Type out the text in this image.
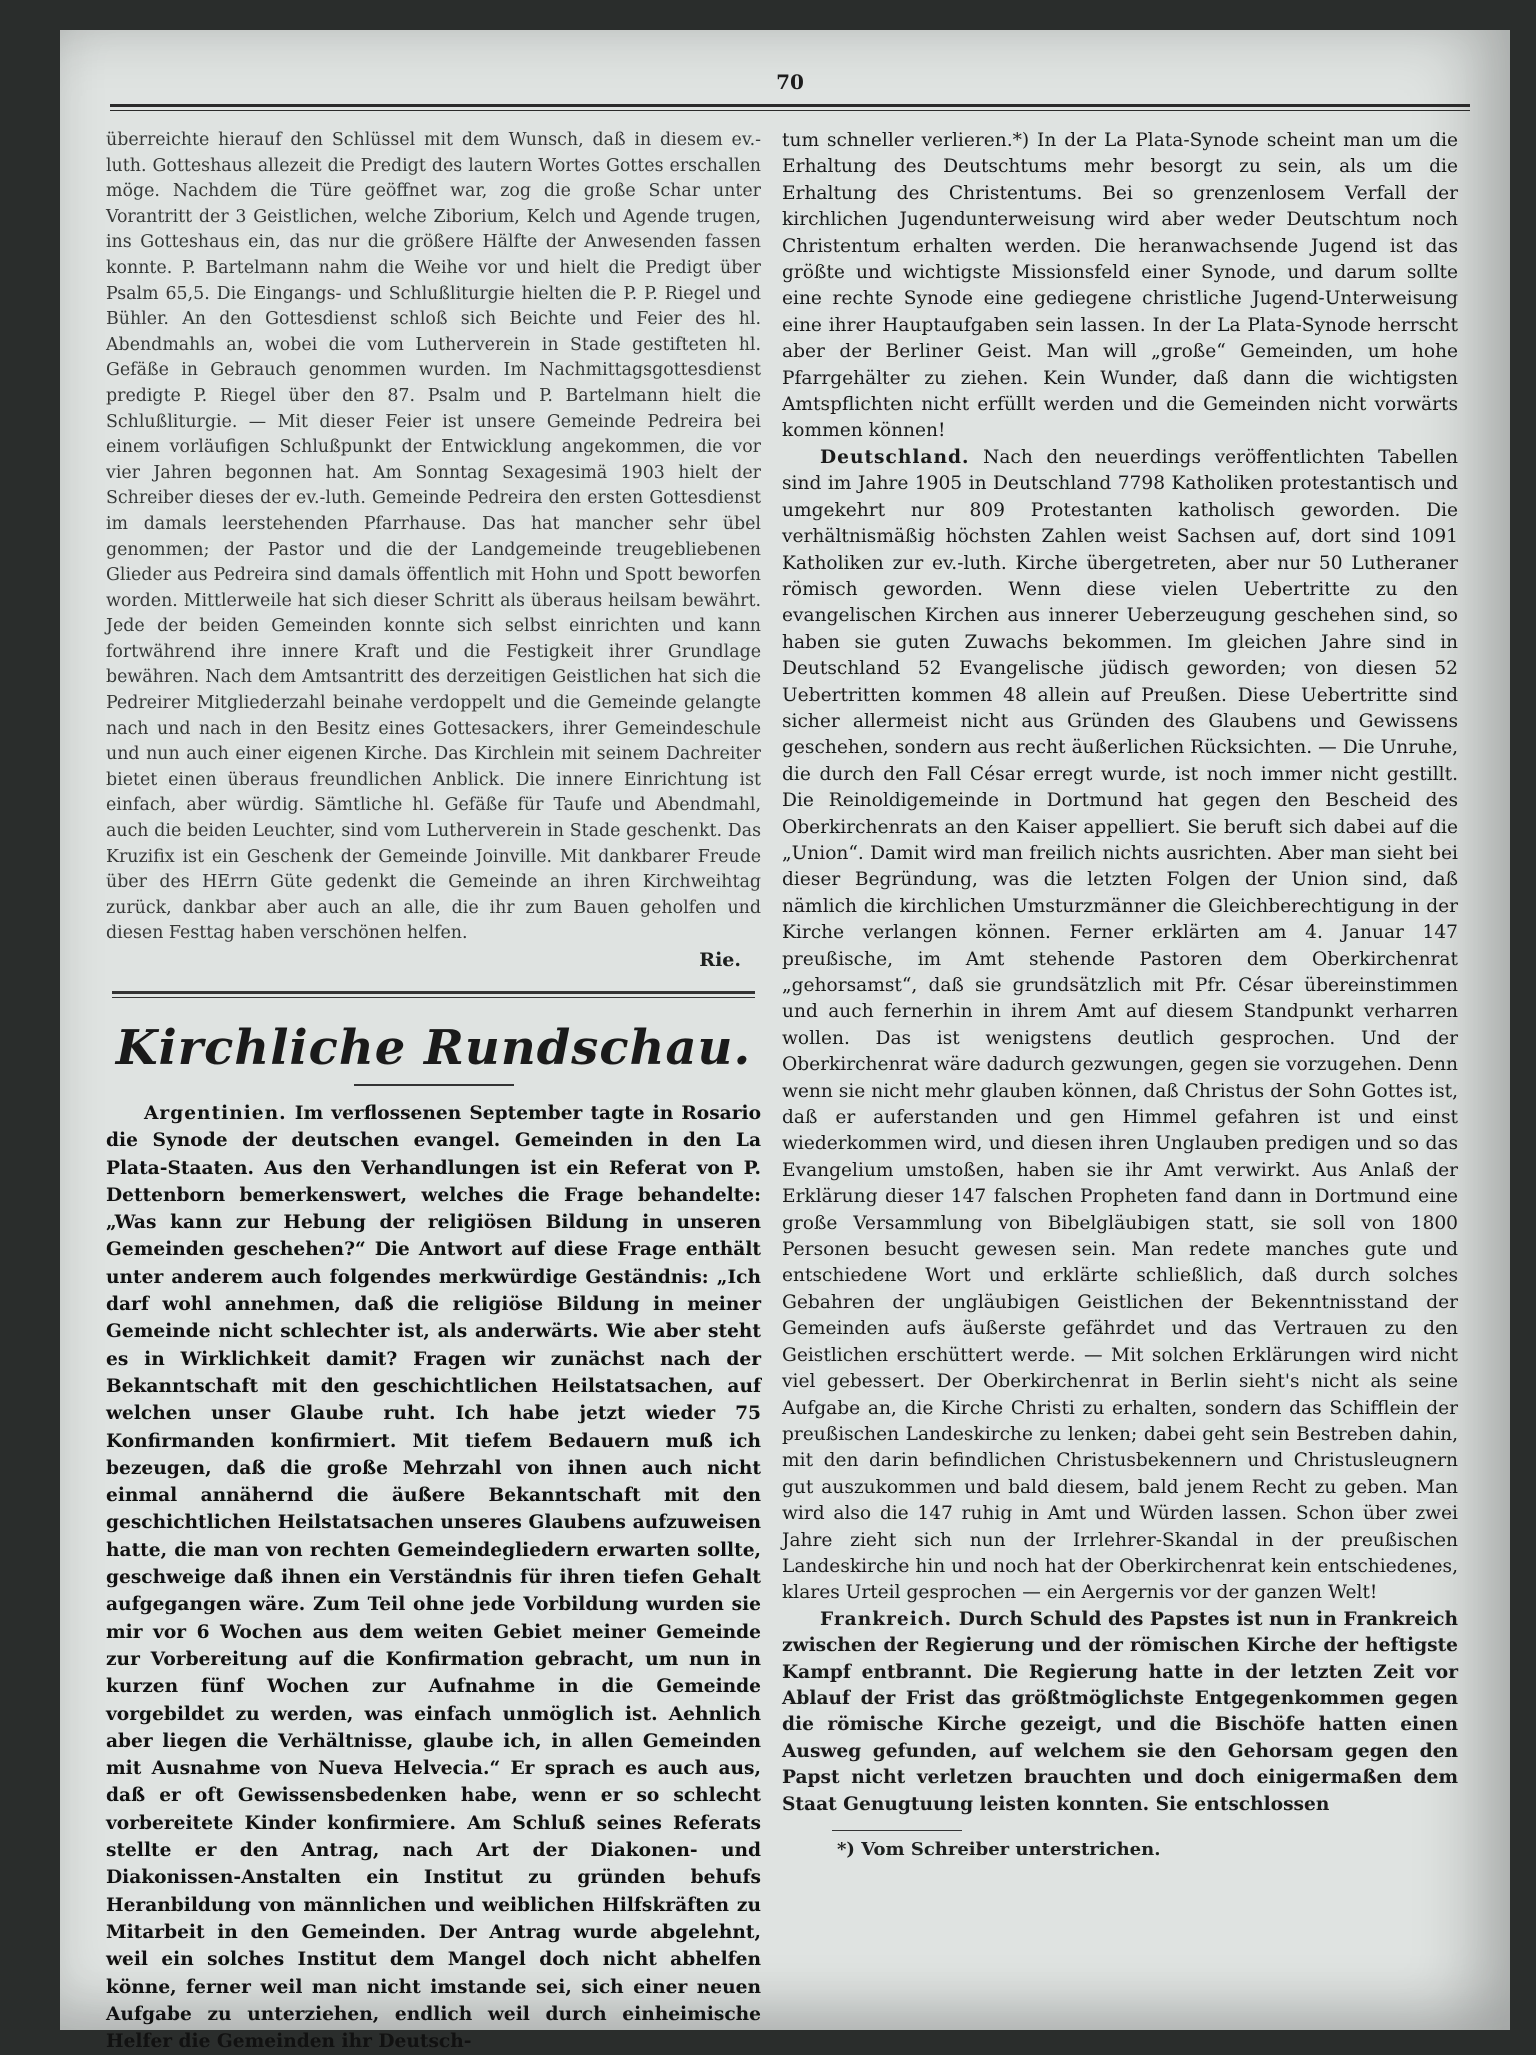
70

überreichte hierauf den Schlüssel mit dem Wunsch, daß in diesem ev.-luth. Gotteshaus allezeit die Predigt des lautern Wortes Gottes erschallen möge. Nachdem die Türe geöffnet war, zog die große Schar unter Vorantritt der 3 Geistlichen, welche Ziborium, Kelch und Agende trugen, ins Gotteshaus ein, das nur die größere Hälfte der Anwesenden fassen konnte. P. Bartelmann nahm die Weihe vor und hielt die Predigt über Psalm 65,5. Die Eingangs- und Schlußliturgie hielten die P. P. Riegel und Bühler. An den Gottesdienst schloß sich Beichte und Feier des hl. Abendmahls an, wobei die vom Lutherverein in Stade gestifteten hl. Gefäße in Gebrauch genommen wurden. Im Nachmittagsgottesdienst predigte P. Riegel über den 87. Psalm und P. Bartelmann hielt die Schlußliturgie. — Mit dieser Feier ist unsere Gemeinde Pedreira bei einem vorläufigen Schlußpunkt der Entwicklung angekommen, die vor vier Jahren begonnen hat. Am Sonntag Sexagesimä 1903 hielt der Schreiber dieses der ev.-luth. Gemeinde Pedreira den ersten Gottesdienst im damals leerstehenden Pfarrhause. Das hat mancher sehr übel genommen; der Pastor und die der Landgemeinde treugebliebenen Glieder aus Pedreira sind damals öffentlich mit Hohn und Spott beworfen worden. Mittlerweile hat sich dieser Schritt als überaus heilsam bewährt. Jede der beiden Gemeinden konnte sich selbst einrichten und kann fortwährend ihre innere Kraft und die Festigkeit ihrer Grundlage bewähren. Nach dem Amtsantritt des derzeitigen Geistlichen hat sich die Pedreirer Mitgliederzahl beinahe verdoppelt und die Gemeinde gelangte nach und nach in den Besitz eines Gottesackers, ihrer Gemeindeschule und nun auch einer eigenen Kirche. Das Kirchlein mit seinem Dachreiter bietet einen überaus freundlichen Anblick. Die innere Einrichtung ist einfach, aber würdig. Sämtliche hl. Gefäße für Taufe und Abendmahl, auch die beiden Leuchter, sind vom Lutherverein in Stade geschenkt. Das Kruzifix ist ein Geschenk der Gemeinde Joinville. Mit dankbarer Freude über des HErrn Güte gedenkt die Gemeinde an ihren Kirchweihtag zurück, dankbar aber auch an alle, die ihr zum Bauen geholfen und diesen Festtag haben verschönen helfen.

Rie.
Kirchliche Rundschau.

Argentinien. Im verflossenen September tagte in Rosario die Synode der deutschen evangel. Gemeinden in den La Plata-Staaten. Aus den Verhandlungen ist ein Referat von P. Dettenborn bemerkenswert, welches die Frage behandelte: „Was kann zur Hebung der religiösen Bildung in unseren Gemeinden geschehen?“ Die Antwort auf diese Frage enthält unter anderem auch folgendes merkwürdige Geständnis: „Ich darf wohl annehmen, daß die religiöse Bildung in meiner Gemeinde nicht schlechter ist, als anderwärts. Wie aber steht es in Wirklichkeit damit? Fragen wir zunächst nach der Bekanntschaft mit den geschichtlichen Heilstatsachen, auf welchen unser Glaube ruht. Ich habe jetzt wieder 75 Konfirmanden konfirmiert. Mit tiefem Bedauern muß ich bezeugen, daß die große Mehrzahl von ihnen auch nicht einmal annähernd die äußere Bekanntschaft mit den geschichtlichen Heilstatsachen unseres Glaubens aufzuweisen hatte, die man von rechten Gemeindegliedern erwarten sollte, geschweige daß ihnen ein Verständnis für ihren tiefen Gehalt aufgegangen wäre. Zum Teil ohne jede Vorbildung wurden sie mir vor 6 Wochen aus dem weiten Gebiet meiner Gemeinde zur Vorbereitung auf die Konfirmation gebracht, um nun in kurzen fünf Wochen zur Aufnahme in die Gemeinde vorgebildet zu werden, was einfach unmöglich ist. Aehnlich aber liegen die Verhältnisse, glaube ich, in allen Gemeinden mit Ausnahme von Nueva Helvecia.“ Er sprach es auch aus, daß er oft Gewissensbedenken habe, wenn er so schlecht vorbereitete Kinder konfirmiere. Am Schluß seines Referats stellte er den Antrag, nach Art der Diakonen- und Diakonissen-Anstalten ein Institut zu gründen behufs Heranbildung von männlichen und weiblichen Hilfskräften zu Mitarbeit in den Gemeinden. Der Antrag wurde abgelehnt, weil ein solches Institut dem Mangel doch nicht abhelfen könne, ferner weil man nicht imstande sei, sich einer neuen Aufgabe zu unterziehen, endlich weil durch einheimische Helfer die Gemeinden ihr Deutsch-

tum schneller verlieren.*) In der La Plata-Synode scheint man um die Erhaltung des Deutschtums mehr besorgt zu sein, als um die Erhaltung des Christentums. Bei so grenzenlosem Verfall der kirchlichen Jugendunterweisung wird aber weder Deutschtum noch Christentum erhalten werden. Die heranwachsende Jugend ist das größte und wichtigste Missionsfeld einer Synode, und darum sollte eine rechte Synode eine gediegene christliche Jugend-Unterweisung eine ihrer Hauptaufgaben sein lassen. In der La Plata-Synode herrscht aber der Berliner Geist. Man will „große“ Gemeinden, um hohe Pfarrgehälter zu ziehen. Kein Wunder, daß dann die wichtigsten Amtspflichten nicht erfüllt werden und die Gemeinden nicht vorwärts kommen können!

Deutschland. Nach den neuerdings veröffentlichten Tabellen sind im Jahre 1905 in Deutschland 7798 Katholiken protestantisch und umgekehrt nur 809 Protestanten katholisch geworden. Die verhältnismäßig höchsten Zahlen weist Sachsen auf, dort sind 1091 Katholiken zur ev.-luth. Kirche übergetreten, aber nur 50 Lutheraner römisch geworden. Wenn diese vielen Uebertritte zu den evangelischen Kirchen aus innerer Ueberzeugung geschehen sind, so haben sie guten Zuwachs bekommen. Im gleichen Jahre sind in Deutschland 52 Evangelische jüdisch geworden; von diesen 52 Uebertritten kommen 48 allein auf Preußen. Diese Uebertritte sind sicher allermeist nicht aus Gründen des Glaubens und Gewissens geschehen, sondern aus recht äußerlichen Rücksichten. — Die Unruhe, die durch den Fall César erregt wurde, ist noch immer nicht gestillt. Die Reinoldigemeinde in Dortmund hat gegen den Bescheid des Oberkirchenrats an den Kaiser appelliert. Sie beruft sich dabei auf die „Union“. Damit wird man freilich nichts ausrichten. Aber man sieht bei dieser Begründung, was die letzten Folgen der Union sind, daß nämlich die kirchlichen Umsturzmänner die Gleichberechtigung in der Kirche verlangen können. Ferner erklärten am 4. Januar 147 preußische, im Amt stehende Pastoren dem Oberkirchenrat „gehorsamst“, daß sie grundsätzlich mit Pfr. César übereinstimmen und auch fernerhin in ihrem Amt auf diesem Standpunkt verharren wollen. Das ist wenigstens deutlich gesprochen. Und der Oberkirchenrat wäre dadurch gezwungen, gegen sie vorzugehen. Denn wenn sie nicht mehr glauben können, daß Christus der Sohn Gottes ist, daß er auferstanden und gen Himmel gefahren ist und einst wiederkommen wird, und diesen ihren Unglauben predigen und so das Evangelium umstoßen, haben sie ihr Amt verwirkt. Aus Anlaß der Erklärung dieser 147 falschen Propheten fand dann in Dortmund eine große Versammlung von Bibelgläubigen statt, sie soll von 1800 Personen besucht gewesen sein. Man redete manches gute und entschiedene Wort und erklärte schließlich, daß durch solches Gebahren der ungläubigen Geistlichen der Bekenntnisstand der Gemeinden aufs äußerste gefährdet und das Vertrauen zu den Geistlichen erschüttert werde. — Mit solchen Erklärungen wird nicht viel gebessert. Der Oberkirchenrat in Berlin sieht's nicht als seine Aufgabe an, die Kirche Christi zu erhalten, sondern das Schifflein der preußischen Landeskirche zu lenken; dabei geht sein Bestreben dahin, mit den darin befindlichen Christusbekennern und Christusleugnern gut auszukommen und bald diesem, bald jenem Recht zu geben. Man wird also die 147 ruhig in Amt und Würden lassen. Schon über zwei Jahre zieht sich nun der Irrlehrer-Skandal in der preußischen Landeskirche hin und noch hat der Oberkirchenrat kein entschiedenes, klares Urteil gesprochen — ein Aergernis vor der ganzen Welt!

Frankreich. Durch Schuld des Papstes ist nun in Frankreich zwischen der Regierung und der römischen Kirche der heftigste Kampf entbrannt. Die Regierung hatte in der letzten Zeit vor Ablauf der Frist das größtmöglichste Entgegenkommen gegen die römische Kirche gezeigt, und die Bischöfe hatten einen Ausweg gefunden, auf welchem sie den Gehorsam gegen den Papst nicht verletzen brauchten und doch einigermaßen dem Staat Genugtuung leisten konnten. Sie entschlossen

*) Vom Schreiber unterstrichen.
